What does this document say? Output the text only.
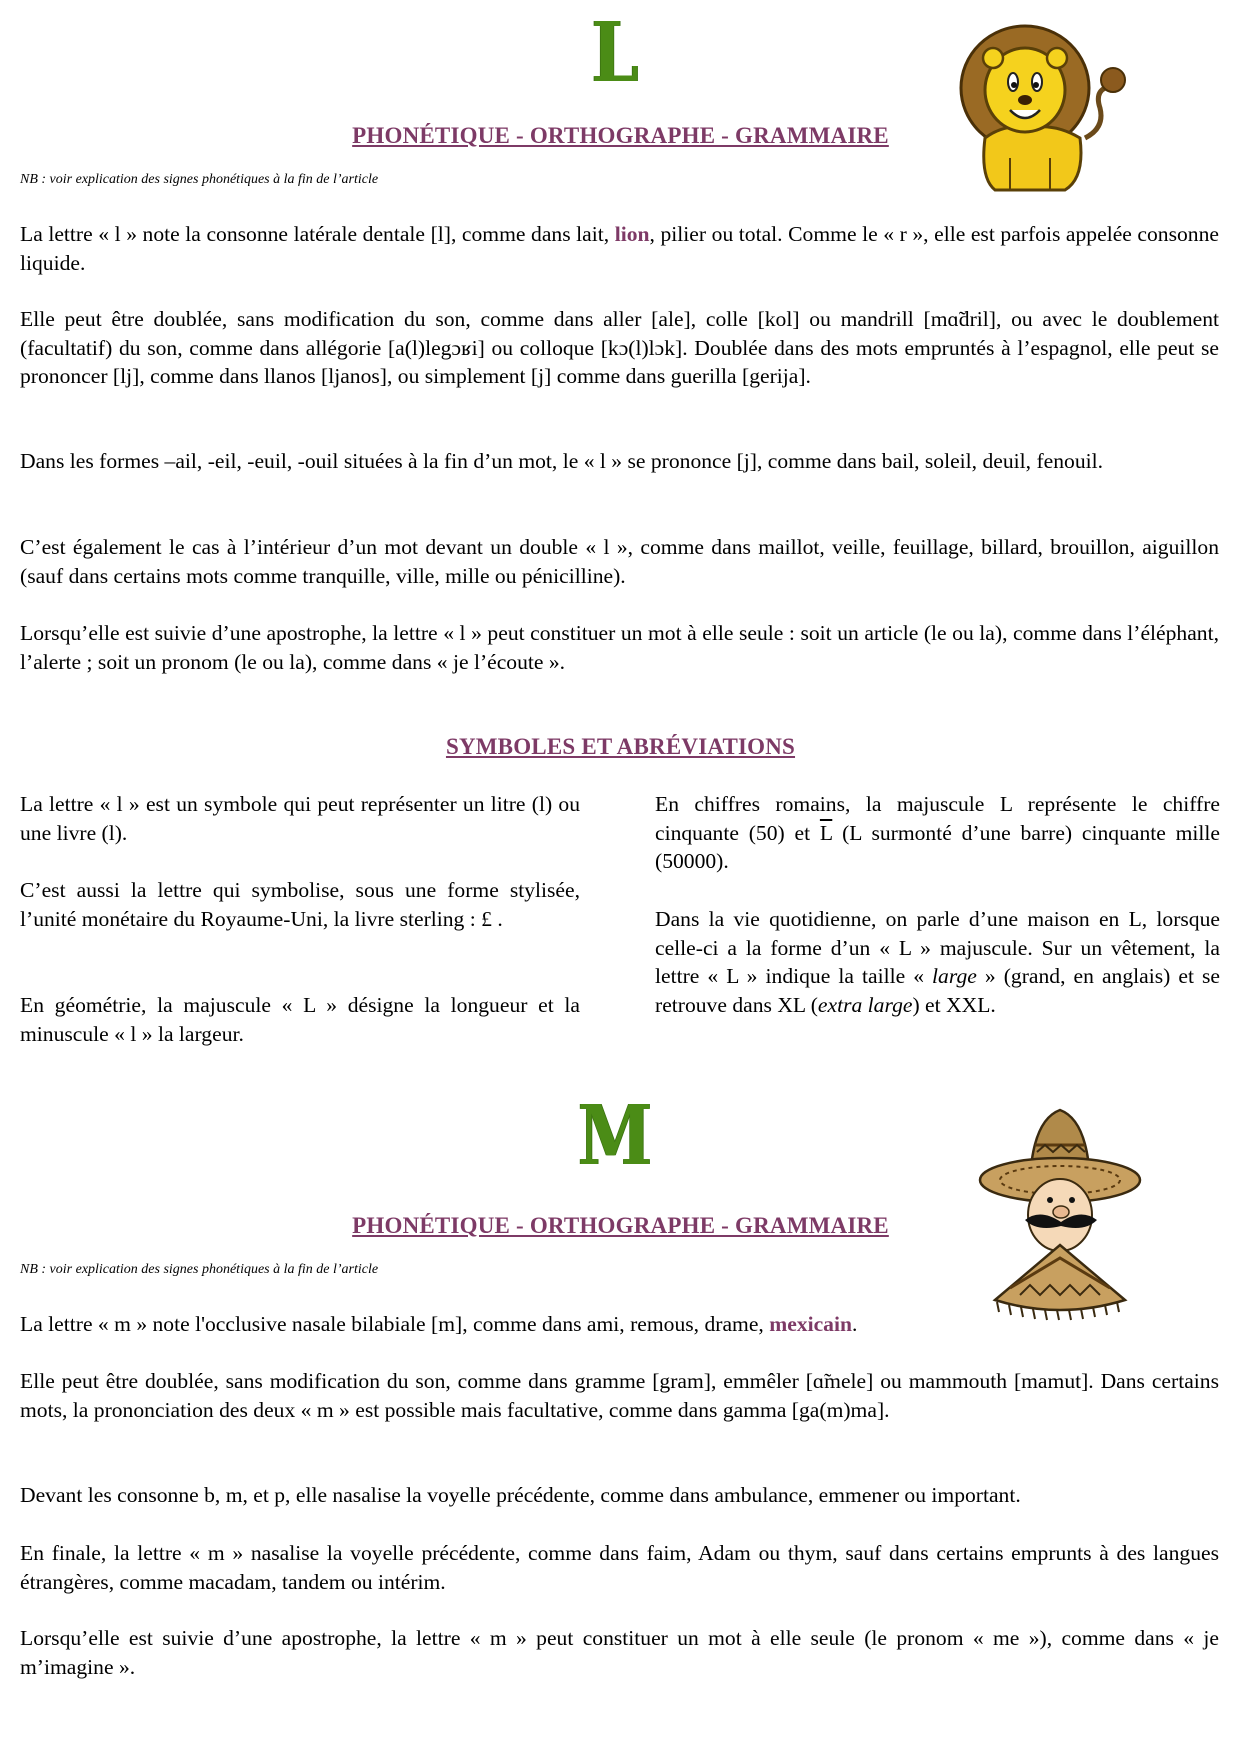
L
PHONÉTIQUE - ORTHOGRAPHE - GRAMMAIRE
NB : voir explication des signes phonétiques à la fin de l’article

La lettre « l » note la consonne latérale dentale [l], comme dans lait, lion, pilier ou total. Comme le « r », elle est parfois appelée consonne liquide.

Elle peut être doublée, sans modification du son, comme dans aller [ale], colle [kol] ou mandrill [mɑ̃dril], ou avec le doublement (facultatif) du son, comme dans allégorie [a(l)legɔʁi] ou colloque [kɔ(l)lɔk]. Doublée dans des mots empruntés à l’espagnol, elle peut se prononcer [lj], comme dans llanos [ljanos], ou simplement [j] comme dans guerilla [gerija].

Dans les formes –ail, -eil, -euil, -ouil situées à la fin d’un mot, le « l » se prononce [j], comme dans bail, soleil, deuil, fenouil.

C’est également le cas à l’intérieur d’un mot devant un double « l », comme dans maillot, veille, feuillage, billard, brouillon, aiguillon (sauf dans certains mots comme tranquille, ville, mille ou pénicilline).

Lorsqu’elle est suivie d’une apostrophe, la lettre « l » peut constituer un mot à elle seule : soit un article (le ou la), comme dans l’éléphant, l’alerte ; soit un pronom (le ou la), comme dans « je l’écoute ».

SYMBOLES ET ABRÉVIATIONS

La lettre « l » est un symbole qui peut représenter un litre (l) ou une livre (l).

C’est aussi la lettre qui symbolise, sous une forme stylisée, l’unité monétaire du Royaume-Uni, la livre sterling : £ .

En géométrie, la majuscule « L » désigne la longueur et la minuscule « l » la largeur.

En chiffres romains, la majuscule L représente le chiffre cinquante (50) et $\overline{L}$ (L surmonté d’une barre) cinquante mille (50000).

Dans la vie quotidienne, on parle d’une maison en L, lorsque celle-ci a la forme d’un « L » majuscule. Sur un vêtement, la lettre « L » indique la taille « large » (grand, en anglais) et se retrouve dans XL (extra large) et XXL.

M
PHONÉTIQUE - ORTHOGRAPHE - GRAMMAIRE
NB : voir explication des signes phonétiques à la fin de l’article

La lettre « m » note l'occlusive nasale bilabiale [m], comme dans ami, remous, drame, mexicain.

Elle peut être doublée, sans modification du son, comme dans gramme [gram], emmêler [ɑ̃mele] ou mammouth [mamut]. Dans certains mots, la prononciation des deux « m » est possible mais facultative, comme dans gamma [ga(m)ma].

Devant les consonne b, m, et p, elle nasalise la voyelle précédente, comme dans ambulance, emmener ou important.

En finale, la lettre « m » nasalise la voyelle précédente, comme dans faim, Adam ou thym, sauf dans certains emprunts à des langues étrangères, comme macadam, tandem ou intérim.

Lorsqu’elle est suivie d’une apostrophe, la lettre « m » peut constituer un mot à elle seule (le pronom « me »), comme dans « je m’imagine ».
